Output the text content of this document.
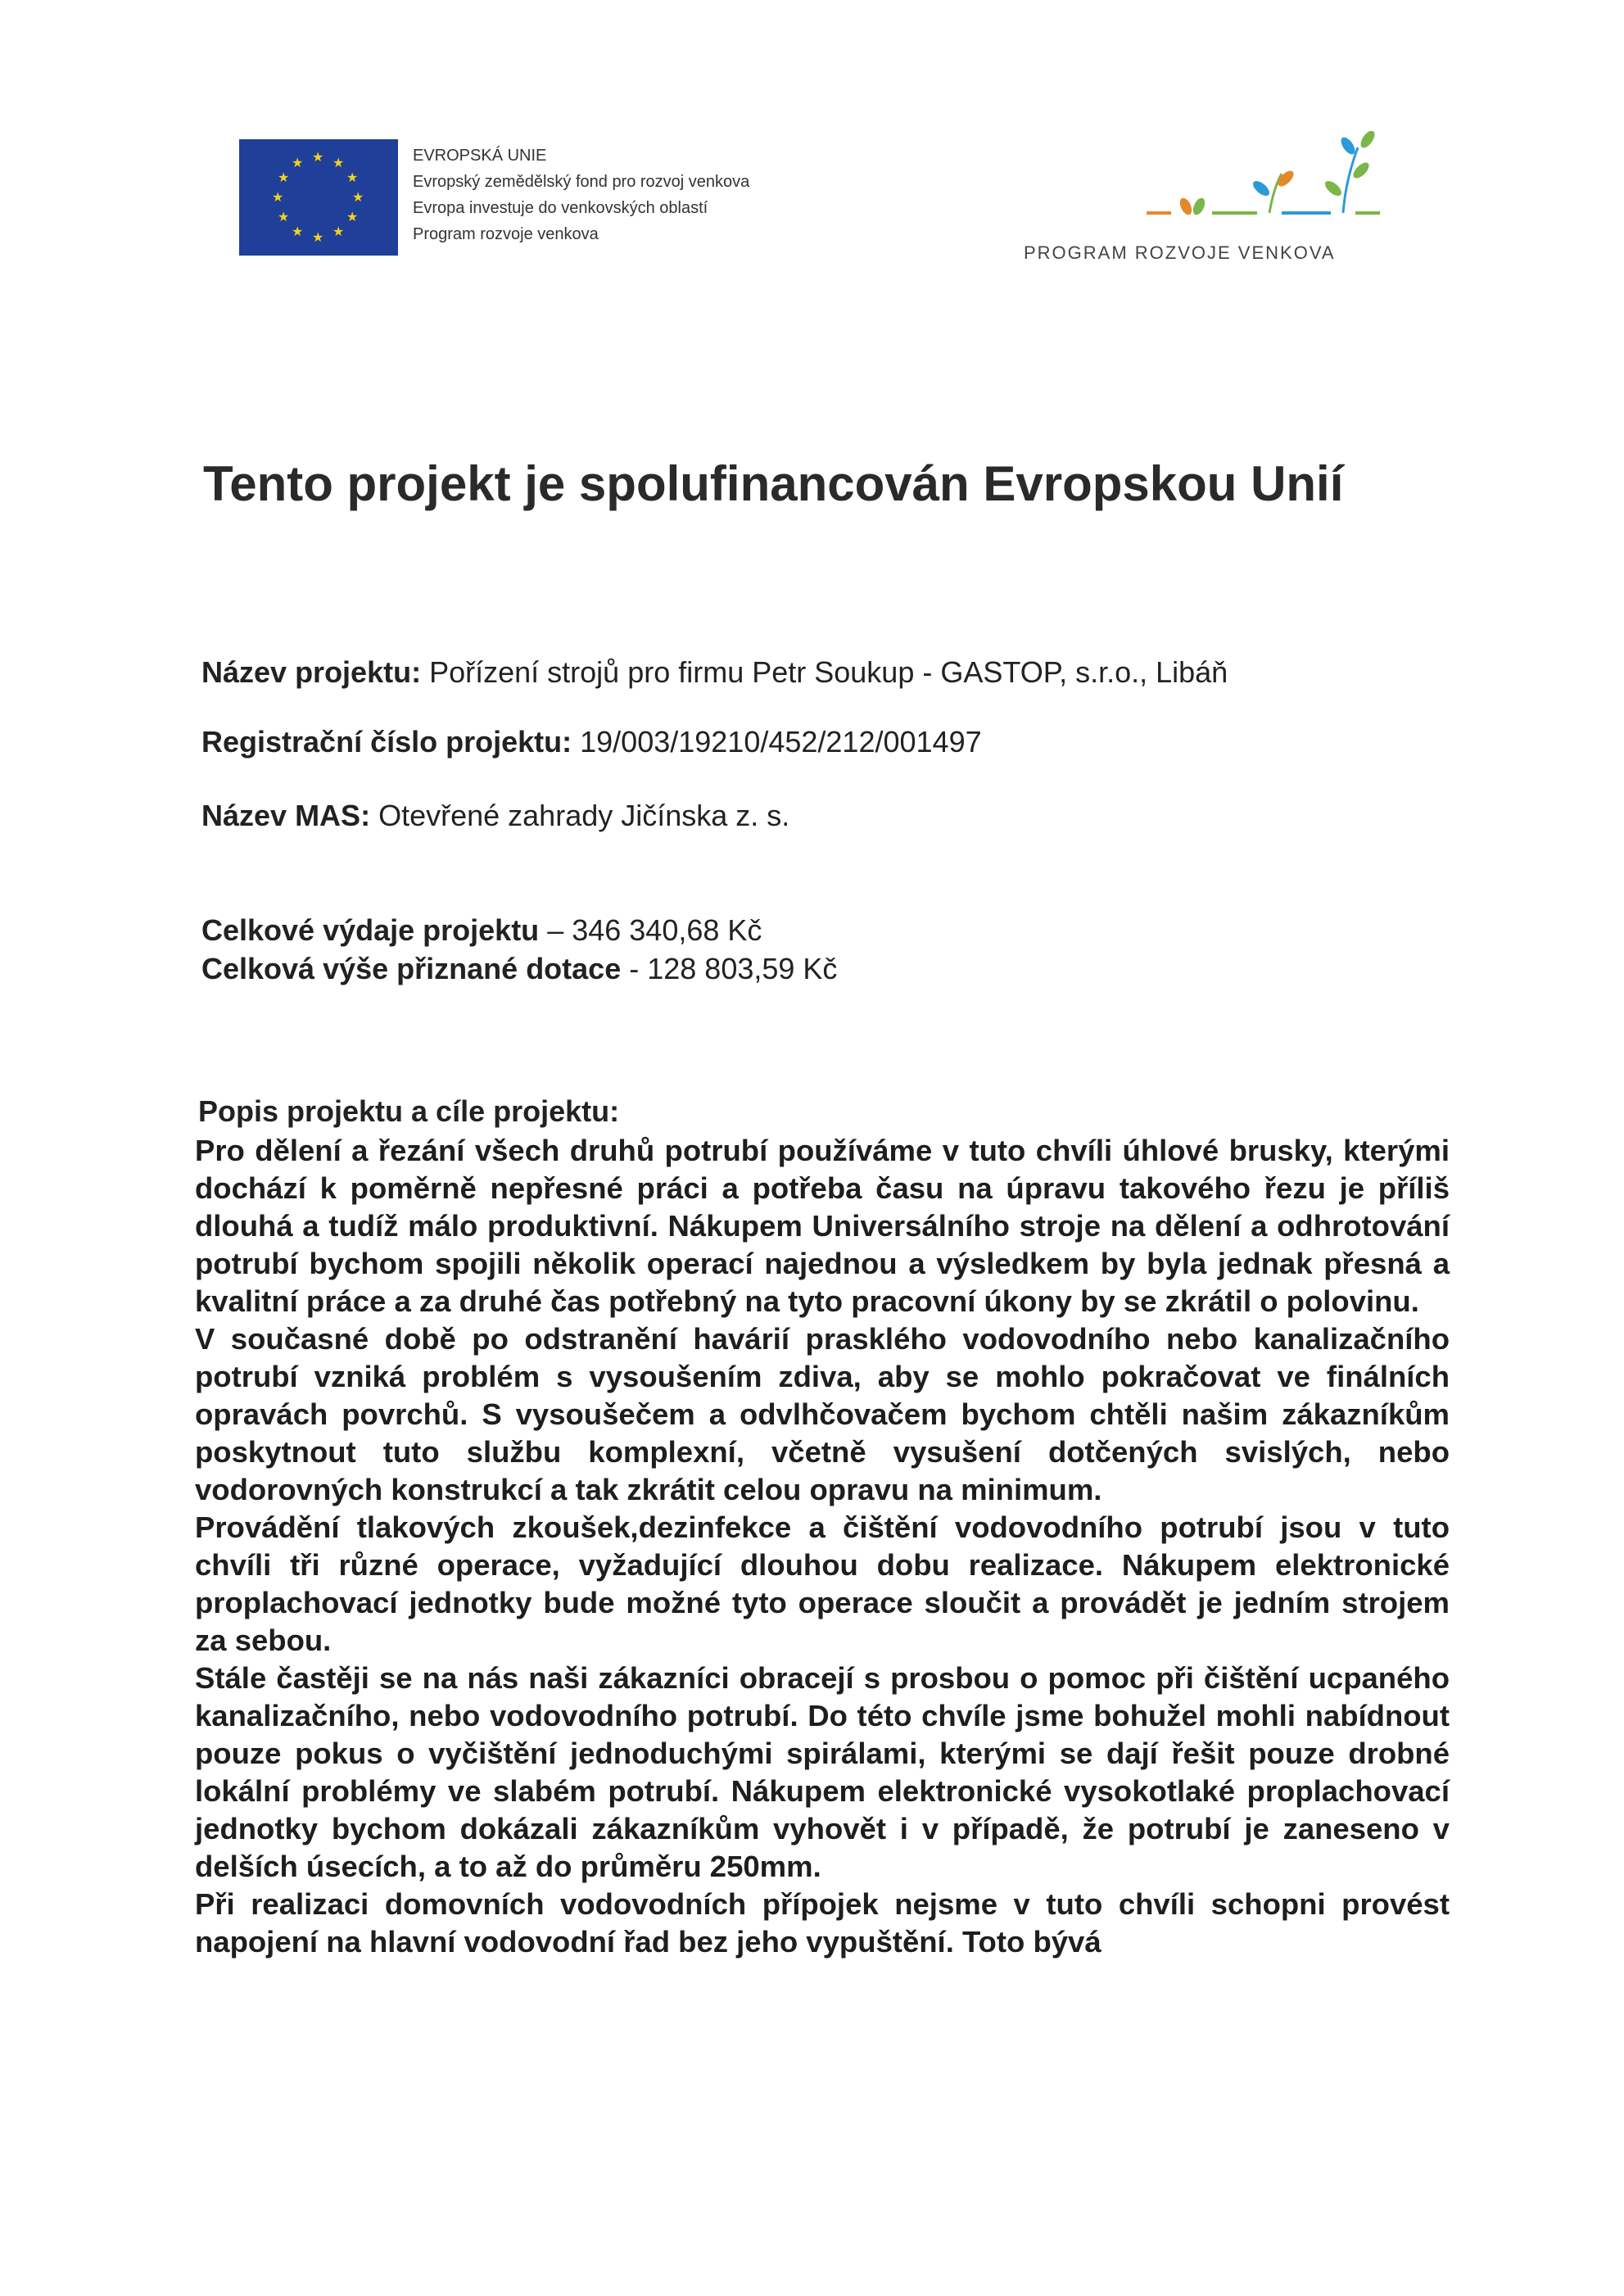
★ ★
★
★
★
★
★
★
★
★
★
★	EVROPSKÁ UNIE
Evropský zemědělský fond pro rozvoj venkova
Evropa investuje do venkovských oblastí
Program rozvoje venkova
PROGRAM ROZVOJE VENKOVA
Tento projekt je spolufinancován Evropskou Unií
Název projektu: Pořízení strojů pro firmu Petr Soukup - GASTOP, s.r.o., Libáň
Registrační číslo projektu: 19/003/19210/452/212/001497
Název MAS: Otevřené zahrady Jičínska z. s.
Celkové výdaje projektu – 346 340,68 Kč
Celková výše přiznané dotace - 128 803,59 Kč
Popis projektu a cíle projektu:

Pro dělení a řezání všech druhů potrubí používáme v tuto chvíli úhlové brusky, kterými dochází k poměrně nepřesné práci a potřeba času na úpravu takového řezu je příliš dlouhá a tudíž málo produktivní. Nákupem Universálního stroje na dělení a odhrotování potrubí bychom spojili několik operací najednou a výsledkem by byla jednak přesná a kvalitní práce a za druhé čas potřebný na tyto pracovní úkony by se zkrátil o polovinu.

V současné době po odstranění havárií prasklého vodovodního nebo kanalizačního potrubí vzniká problém s vysoušením zdiva, aby se mohlo pokračovat ve finálních opravách povrchů. S vysoušečem a odvlhčovačem bychom chtěli našim zákazníkům poskytnout tuto službu komplexní, včetně vysušení dotčených svislých, nebo vodorovných konstrukcí a tak zkrátit celou opravu na minimum.

Provádění tlakových zkoušek,dezinfekce a čištění vodovodního potrubí jsou v tuto chvíli tři různé operace, vyžadující dlouhou dobu realizace. Nákupem elektronické proplachovací jednotky bude možné tyto operace sloučit a provádět je jedním strojem za sebou.

Stále častěji se na nás naši zákazníci obracejí s prosbou o pomoc při čištění ucpaného kanalizačního, nebo vodovodního potrubí. Do této chvíle jsme bohužel mohli nabídnout pouze pokus o vyčištění jednoduchými spirálami, kterými se dají řešit pouze drobné lokální problémy ve slabém potrubí. Nákupem elektronické vysokotlaké proplachovací jednotky bychom dokázali zákazníkům vyhovět i v případě, že potrubí je zaneseno v delších úsecích, a to až do průměru 250mm.

Při realizaci domovních vodovodních přípojek nejsme v tuto chvíli schopni provést napojení na hlavní vodovodní řad bez jeho vypuštění. Toto bývá
